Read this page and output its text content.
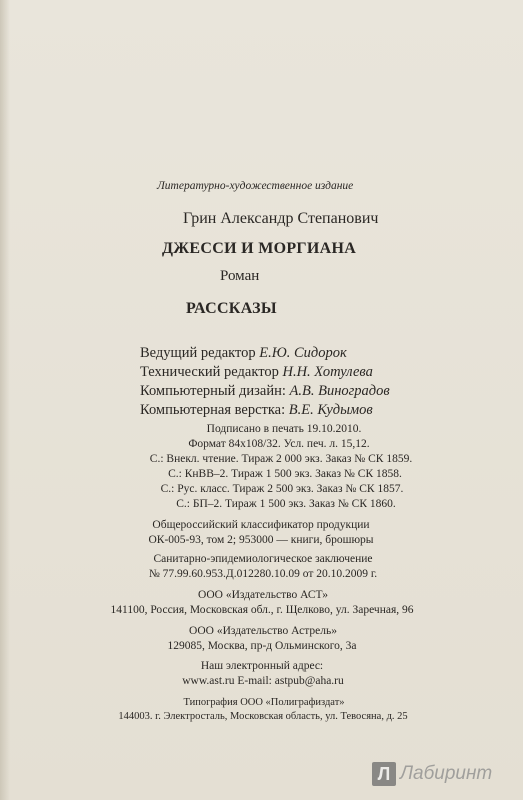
Литературно-художественное издание
Грин Александр Степанович
ДЖЕССИ И МОРГИАНА
Роман
РАССКАЗЫ
Ведущий редактор Е.Ю. Сидорок
Технический редактор Н.Н. Хотулева
Компьютерный дизайн: А.В. Виноградов
Компьютерная верстка: В.Е. Кудымов
Подписано в печать 19.10.2010.
Формат 84х108/32. Усл. печ. л. 15,12.
С.: Внекл. чтение. Тираж 2 000 экз. Заказ № СК 1859.
С.: КнВВ–2. Тираж 1 500 экз. Заказ № СК 1858.
С.: Рус. класс. Тираж 2 500 экз. Заказ № СК 1857.
С.: БП–2. Тираж 1 500 экз. Заказ № СК 1860.
Общероссийский классификатор продукции
ОК-005-93, том 2; 953000 — книги, брошюры
Санитарно-эпидемиологическое заключение
№ 77.99.60.953.Д.012280.10.09 от 20.10.2009 г.
ООО «Издательство АСТ»
141100, Россия, Московская обл., г. Щелково, ул. Заречная, 96
ООО «Издательство Астрель»
129085, Москва, пр-д Ольминского, 3а
Наш электронный адрес:
www.ast.ru E-mail: astpub@aha.ru
Типография ООО «Полиграфиздат»
144003. г. Электросталь, Московская область, ул. Тевосяна, д. 25
Л Лабиринт
